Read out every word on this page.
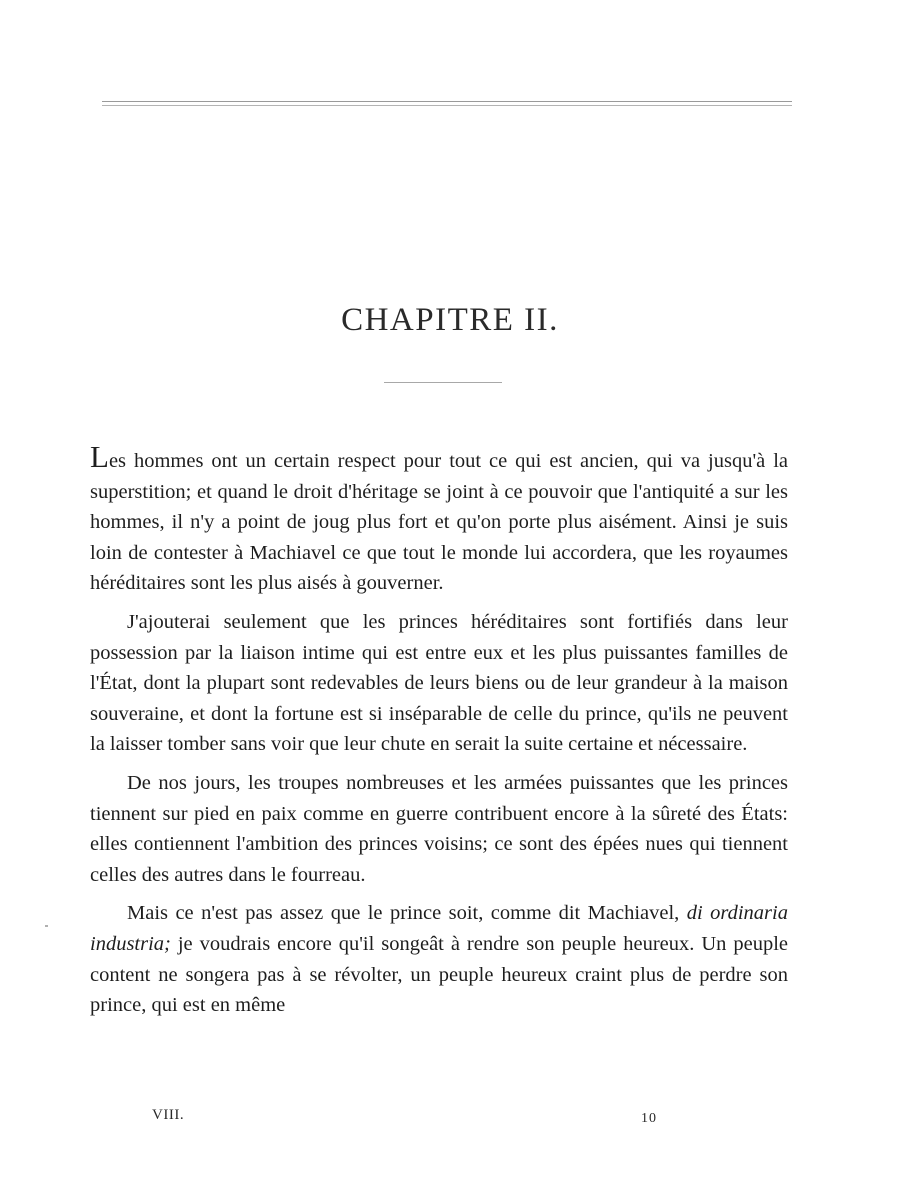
CHAPITRE II.

Les hommes ont un certain respect pour tout ce qui est ancien, qui va jusqu'à la superstition; et quand le droit d'héritage se joint à ce pouvoir que l'antiquité a sur les hommes, il n'y a point de joug plus fort et qu'on porte plus aisément. Ainsi je suis loin de contester à Machiavel ce que tout le monde lui accordera, que les royaumes héréditaires sont les plus aisés à gouverner.

J'ajouterai seulement que les princes héréditaires sont fortifiés dans leur possession par la liaison intime qui est entre eux et les plus puissantes familles de l'État, dont la plupart sont redevables de leurs biens ou de leur grandeur à la maison souveraine, et dont la fortune est si inséparable de celle du prince, qu'ils ne peuvent la laisser tomber sans voir que leur chute en serait la suite certaine et nécessaire.

De nos jours, les troupes nombreuses et les armées puissantes que les princes tiennent sur pied en paix comme en guerre contribuent encore à la sûreté des États: elles contiennent l'ambition des princes voisins; ce sont des épées nues qui tiennent celles des autres dans le fourreau.

Mais ce n'est pas assez que le prince soit, comme dit Machiavel, di ordinaria industria; je voudrais encore qu'il songeât à rendre son peuple heureux. Un peuple content ne songera pas à se révolter, un peuple heureux craint plus de perdre son prince, qui est en même

VIII.	10
